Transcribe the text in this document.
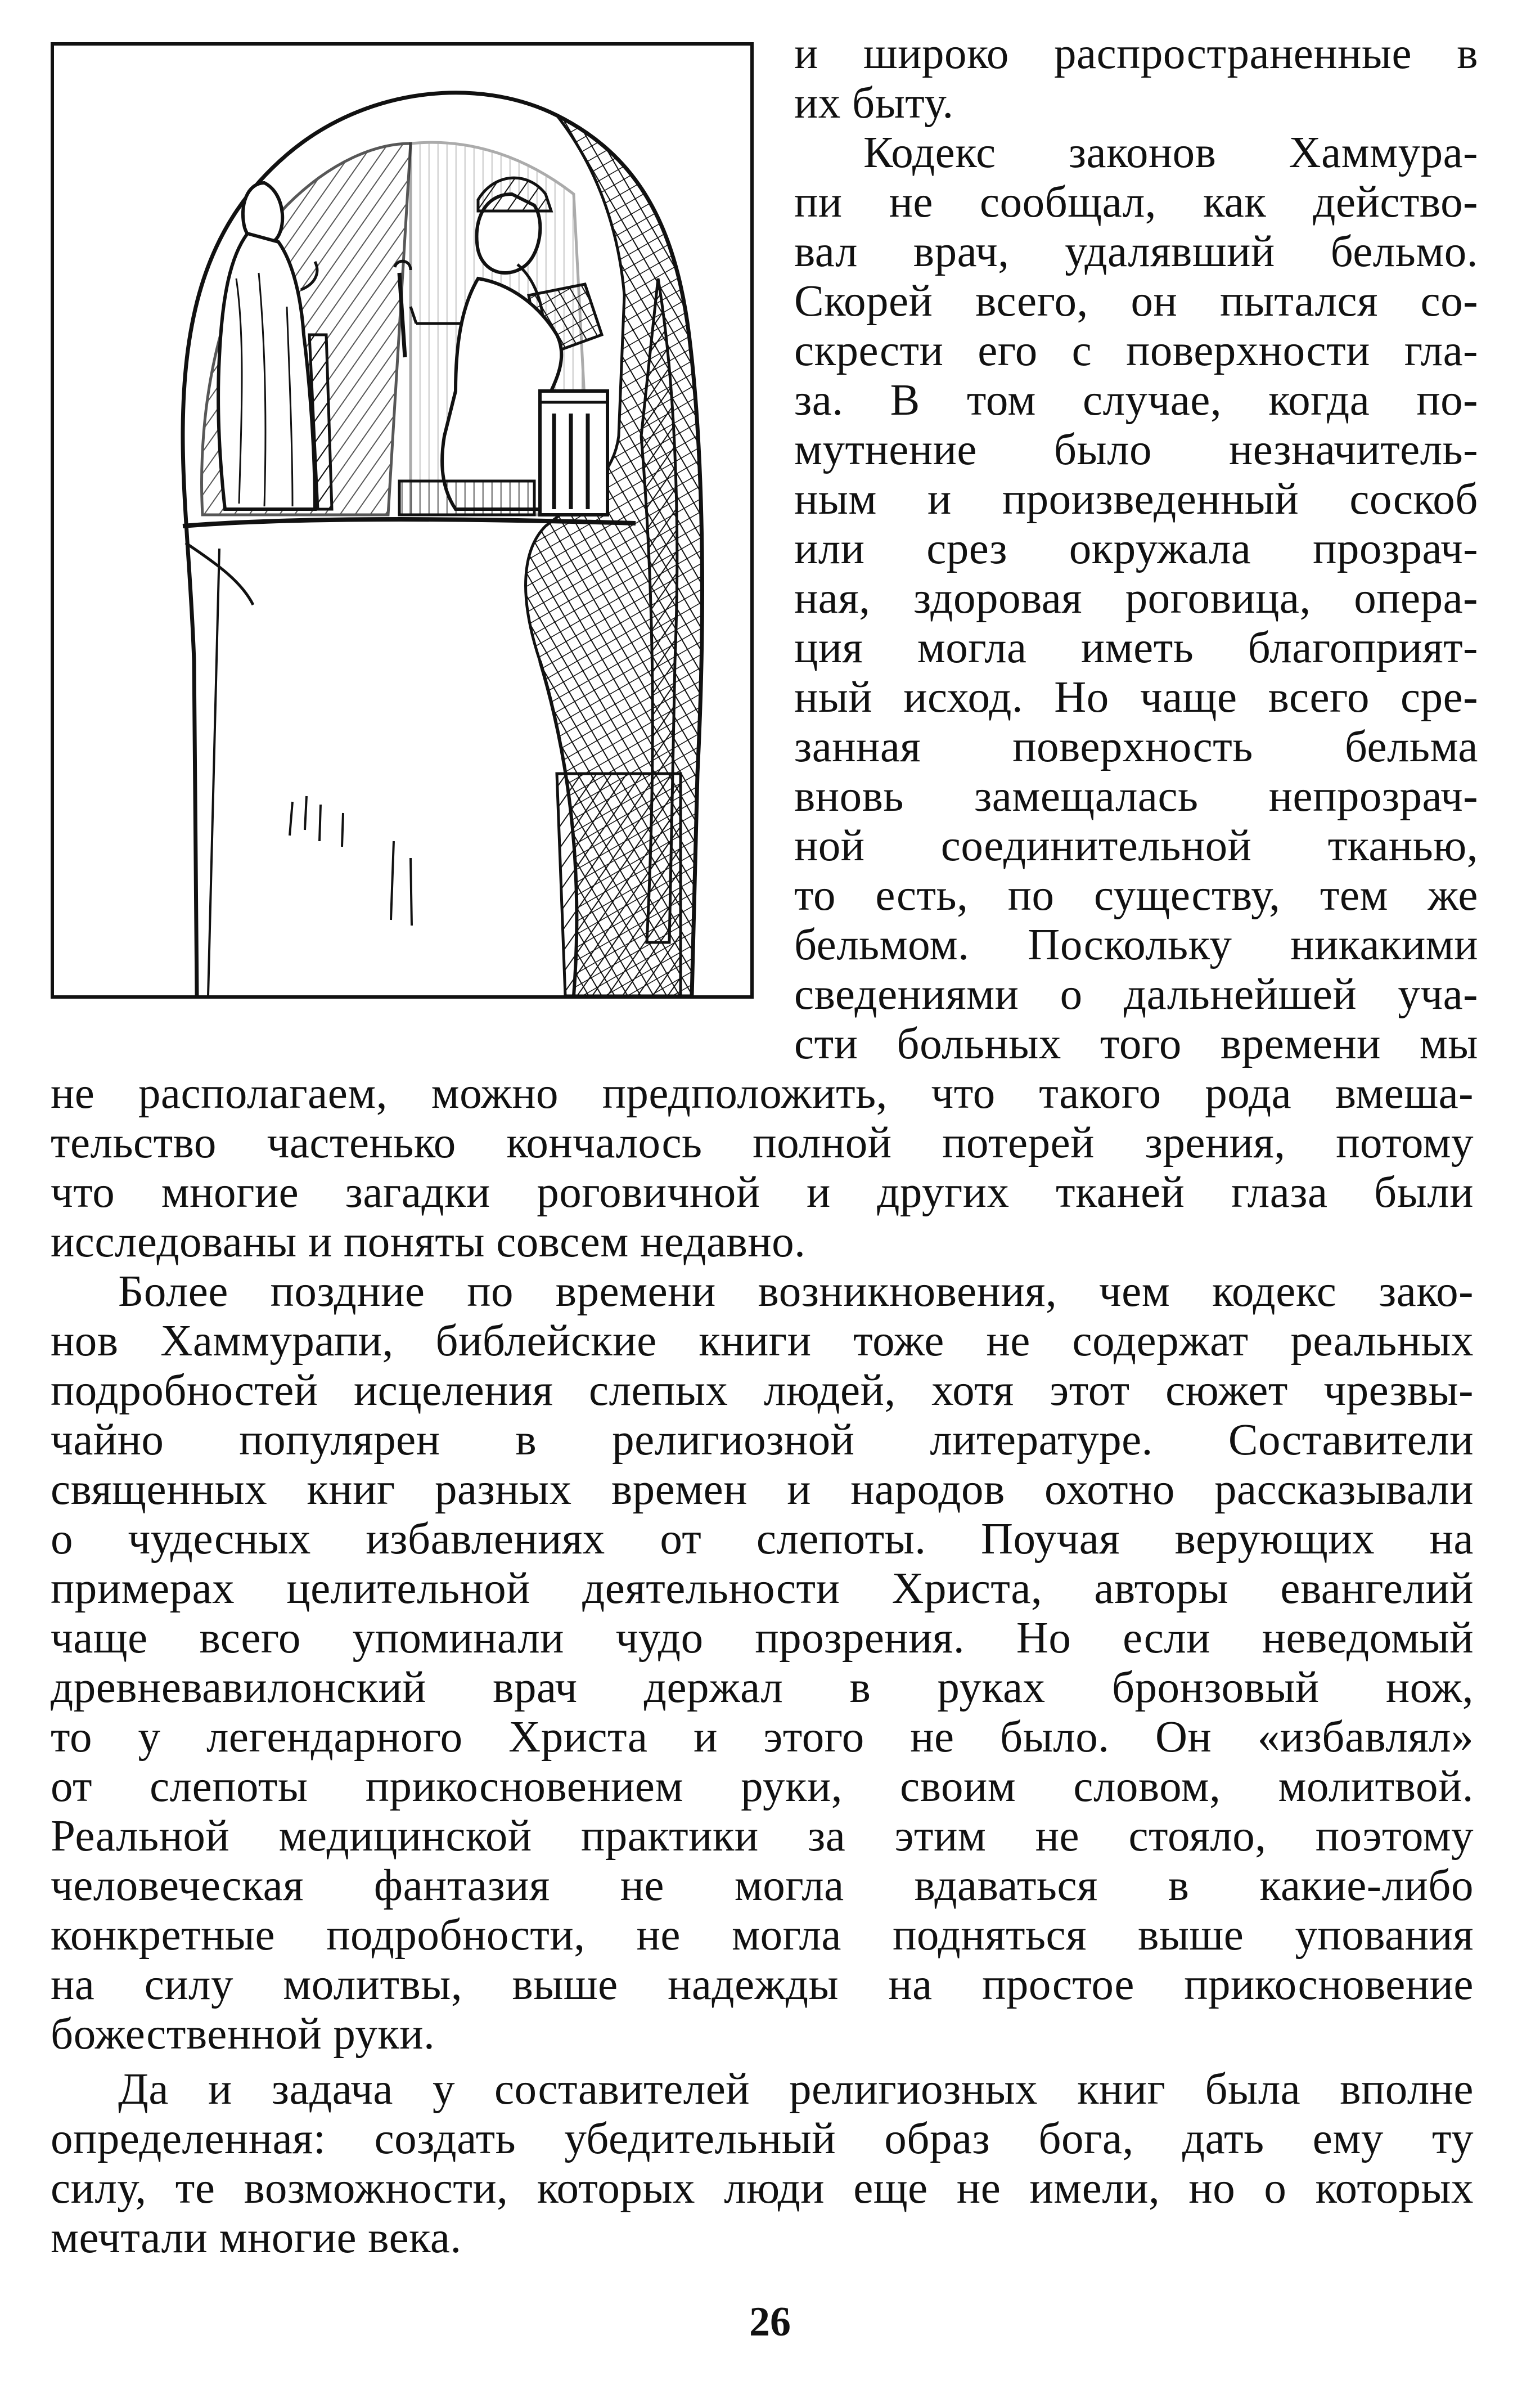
и широко распространенные в
их быту.
Кодекс законов Хаммура-
пи не сообщал, как действо-
вал врач, удалявший бельмо.
Скорей всего, он пытался со-
скрести его с поверхности гла-
за. В том случае, когда по-
мутнение было незначитель-
ным и произведенный соскоб
или срез окружала прозрач-
ная, здоровая роговица, опера-
ция могла иметь благоприят-
ный исход. Но чаще всего сре-
занная поверхность бельма
вновь замещалась непрозрач-
ной соединительной тканью,
то есть, по существу, тем же
бельмом. Поскольку никакими
сведениями о дальнейшей уча-
сти больных того времени мы
не располагаем, можно предположить, что такого рода вмеша-
тельство частенько кончалось полной потерей зрения, потому
что многие загадки роговичной и других тканей глаза были
исследованы и поняты совсем недавно.
Более поздние по времени возникновения, чем кодекс зако-
нов Хаммурапи, библейские книги тоже не содержат реальных
подробностей исцеления слепых людей, хотя этот сюжет чрезвы-
чайно популярен в религиозной литературе. Составители
священных книг разных времен и народов охотно рассказывали
о чудесных избавлениях от слепоты. Поучая верующих на
примерах целительной деятельности Христа, авторы евангелий
чаще всего упоминали чудо прозрения. Но если неведомый
древневавилонский врач держал в руках бронзовый нож,
то у легендарного Христа и этого не было. Он «избавлял»
от слепоты прикосновением руки, своим словом, молитвой.
Реальной медицинской практики за этим не стояло, поэтому
человеческая фантазия не могла вдаваться в какие-либо
конкретные подробности, не могла подняться выше упования
на силу молитвы, выше надежды на простое прикосновение
божественной руки.
Да и задача у составителей религиозных книг была вполне
определенная: создать убедительный образ бога, дать ему ту
силу, те возможности, которых люди еще не имели, но о которых
мечтали многие века.
26
